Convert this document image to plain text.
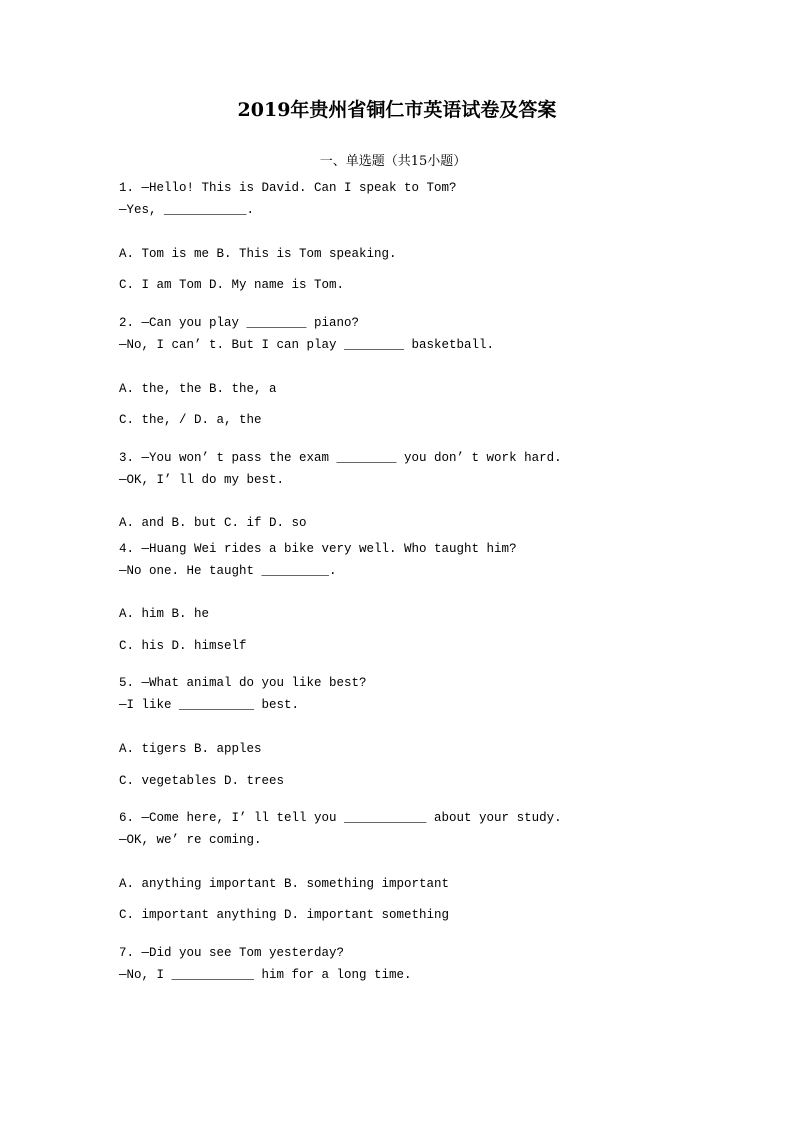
2019年贵州省铜仁市英语试卷及答案
一、单选题（共15小题）
1. —Hello! This is David. Can I speak to Tom?
—Yes, ___________.
A. Tom is me B. This is Tom speaking.
C. I am Tom D. My name is Tom.
2. —Can you play ________ piano?
—No, I can’ t. But I can play ________ basketball.
A. the, the B. the, a
C. the, / D. a, the
3. —You won’ t pass the exam ________ you don’ t work hard.
—OK, I’ ll do my best.
A. and B. but C. if D. so
4. —Huang Wei rides a bike very well. Who taught him?
—No one. He taught _________.
A. him B. he
C. his D. himself
5. —What animal do you like best?
—I like __________ best.
A. tigers B. apples
C. vegetables D. trees
6. —Come here, I’ ll tell you ___________ about your study.
—OK, we’ re coming.
A. anything important B. something important
C. important anything D. important something
7. —Did you see Tom yesterday?
—No, I ___________ him for a long time.
